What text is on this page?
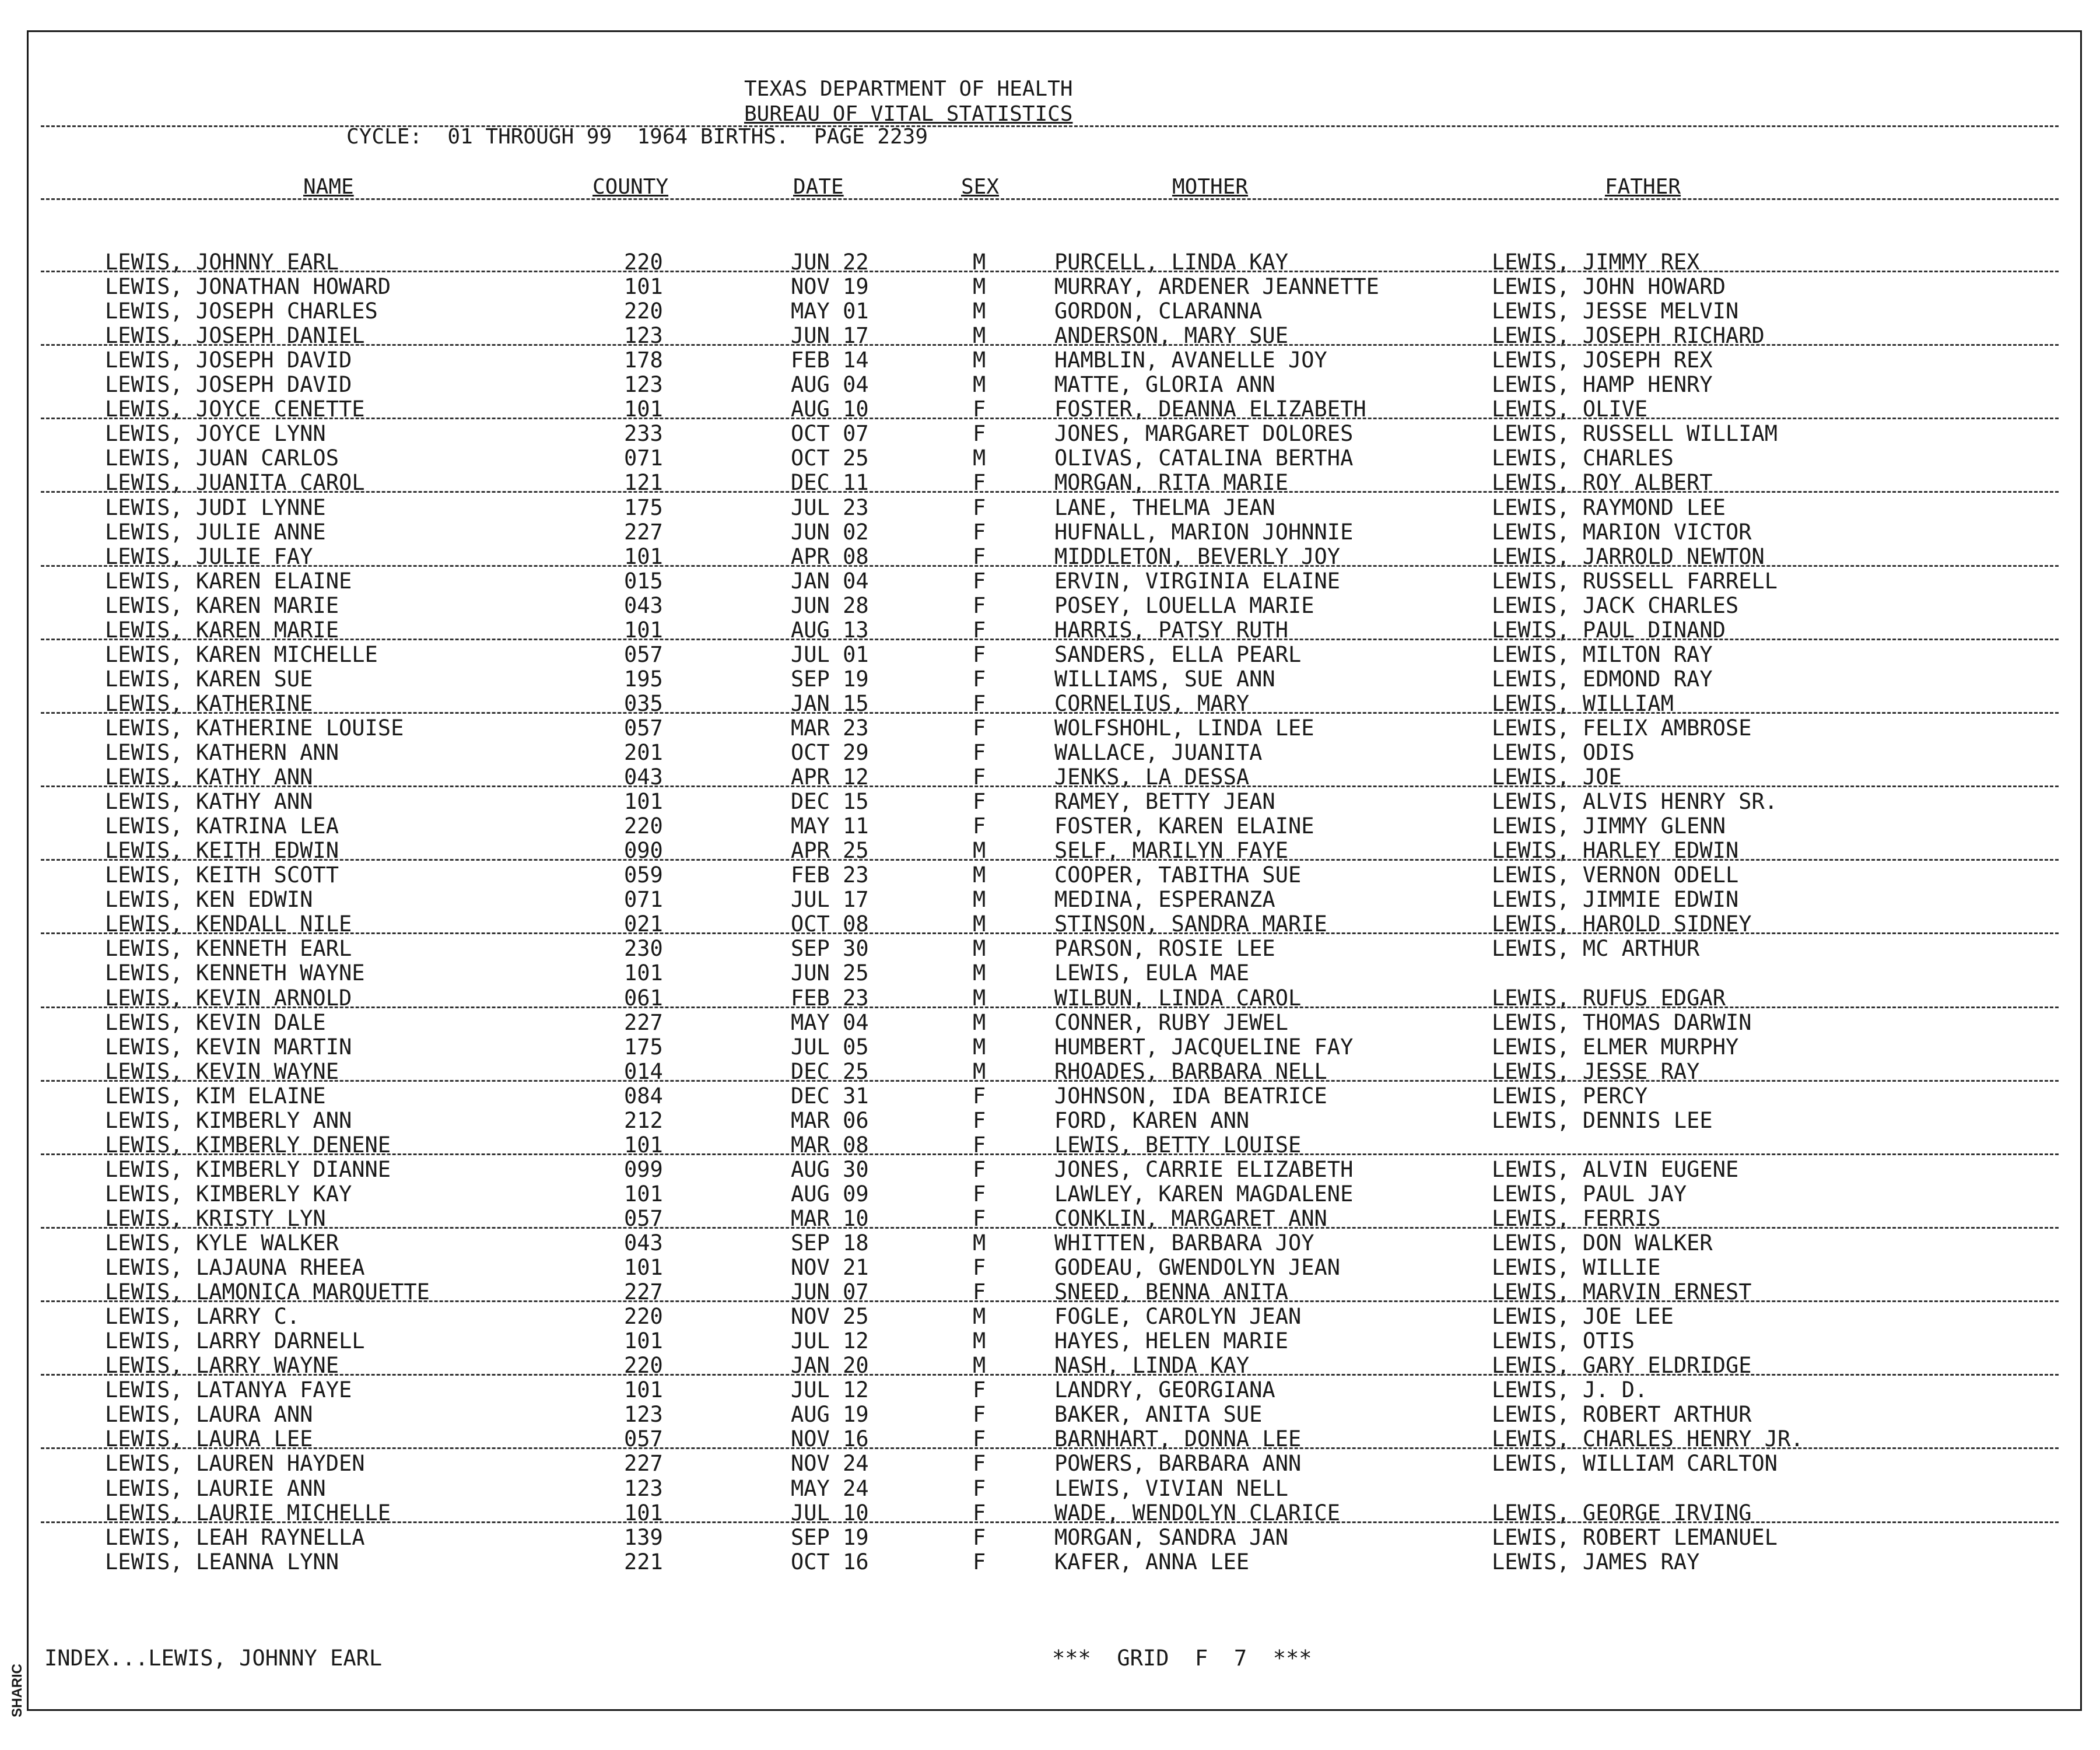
SHARIC
TEXAS DEPARTMENT OF HEALTH
BUREAU OF VITAL STATISTICS
CYCLE:  01 THROUGH 99  1964 BIRTHS.  PAGE 2239
NAME	COUNTY	DATE	SEX	MOTHER	FATHER
LEWIS, JOHNNY EARL	220	JUN 22	M	PURCELL, LINDA KAY	LEWIS, JIMMY REX
LEWIS, JONATHAN HOWARD	101	NOV 19	M	MURRAY, ARDENER JEANNETTE	LEWIS, JOHN HOWARD
LEWIS, JOSEPH CHARLES	220	MAY 01	M	GORDON, CLARANNA	LEWIS, JESSE MELVIN
LEWIS, JOSEPH DANIEL	123	JUN 17	M	ANDERSON, MARY SUE	LEWIS, JOSEPH RICHARD
LEWIS, JOSEPH DAVID	178	FEB 14	M	HAMBLIN, AVANELLE JOY	LEWIS, JOSEPH REX
LEWIS, JOSEPH DAVID	123	AUG 04	M	MATTE, GLORIA ANN	LEWIS, HAMP HENRY
LEWIS, JOYCE CENETTE	101	AUG 10	F	FOSTER, DEANNA ELIZABETH	LEWIS, OLIVE
LEWIS, JOYCE LYNN	233	OCT 07	F	JONES, MARGARET DOLORES	LEWIS, RUSSELL WILLIAM
LEWIS, JUAN CARLOS	071	OCT 25	M	OLIVAS, CATALINA BERTHA	LEWIS, CHARLES
LEWIS, JUANITA CAROL	121	DEC 11	F	MORGAN, RITA MARIE	LEWIS, ROY ALBERT
LEWIS, JUDI LYNNE	175	JUL 23	F	LANE, THELMA JEAN	LEWIS, RAYMOND LEE
LEWIS, JULIE ANNE	227	JUN 02	F	HUFNALL, MARION JOHNNIE	LEWIS, MARION VICTOR
LEWIS, JULIE FAY	101	APR 08	F	MIDDLETON, BEVERLY JOY	LEWIS, JARROLD NEWTON
LEWIS, KAREN ELAINE	015	JAN 04	F	ERVIN, VIRGINIA ELAINE	LEWIS, RUSSELL FARRELL
LEWIS, KAREN MARIE	043	JUN 28	F	POSEY, LOUELLA MARIE	LEWIS, JACK CHARLES
LEWIS, KAREN MARIE	101	AUG 13	F	HARRIS, PATSY RUTH	LEWIS, PAUL DINAND
LEWIS, KAREN MICHELLE	057	JUL 01	F	SANDERS, ELLA PEARL	LEWIS, MILTON RAY
LEWIS, KAREN SUE	195	SEP 19	F	WILLIAMS, SUE ANN	LEWIS, EDMOND RAY
LEWIS, KATHERINE	035	JAN 15	F	CORNELIUS, MARY	LEWIS, WILLIAM
LEWIS, KATHERINE LOUISE	057	MAR 23	F	WOLFSHOHL, LINDA LEE	LEWIS, FELIX AMBROSE
LEWIS, KATHERN ANN	201	OCT 29	F	WALLACE, JUANITA	LEWIS, ODIS
LEWIS, KATHY ANN	043	APR 12	F	JENKS, LA DESSA	LEWIS, JOE
LEWIS, KATHY ANN	101	DEC 15	F	RAMEY, BETTY JEAN	LEWIS, ALVIS HENRY SR.
LEWIS, KATRINA LEA	220	MAY 11	F	FOSTER, KAREN ELAINE	LEWIS, JIMMY GLENN
LEWIS, KEITH EDWIN	090	APR 25	M	SELF, MARILYN FAYE	LEWIS, HARLEY EDWIN
LEWIS, KEITH SCOTT	059	FEB 23	M	COOPER, TABITHA SUE	LEWIS, VERNON ODELL
LEWIS, KEN EDWIN	071	JUL 17	M	MEDINA, ESPERANZA	LEWIS, JIMMIE EDWIN
LEWIS, KENDALL NILE	021	OCT 08	M	STINSON, SANDRA MARIE	LEWIS, HAROLD SIDNEY
LEWIS, KENNETH EARL	230	SEP 30	M	PARSON, ROSIE LEE	LEWIS, MC ARTHUR
LEWIS, KENNETH WAYNE	101	JUN 25	M	LEWIS, EULA MAE
LEWIS, KEVIN ARNOLD	061	FEB 23	M	WILBUN, LINDA CAROL	LEWIS, RUFUS EDGAR
LEWIS, KEVIN DALE	227	MAY 04	M	CONNER, RUBY JEWEL	LEWIS, THOMAS DARWIN
LEWIS, KEVIN MARTIN	175	JUL 05	M	HUMBERT, JACQUELINE FAY	LEWIS, ELMER MURPHY
LEWIS, KEVIN WAYNE	014	DEC 25	M	RHOADES, BARBARA NELL	LEWIS, JESSE RAY
LEWIS, KIM ELAINE	084	DEC 31	F	JOHNSON, IDA BEATRICE	LEWIS, PERCY
LEWIS, KIMBERLY ANN	212	MAR 06	F	FORD, KAREN ANN	LEWIS, DENNIS LEE
LEWIS, KIMBERLY DENENE	101	MAR 08	F	LEWIS, BETTY LOUISE
LEWIS, KIMBERLY DIANNE	099	AUG 30	F	JONES, CARRIE ELIZABETH	LEWIS, ALVIN EUGENE
LEWIS, KIMBERLY KAY	101	AUG 09	F	LAWLEY, KAREN MAGDALENE	LEWIS, PAUL JAY
LEWIS, KRISTY LYN	057	MAR 10	F	CONKLIN, MARGARET ANN	LEWIS, FERRIS
LEWIS, KYLE WALKER	043	SEP 18	M	WHITTEN, BARBARA JOY	LEWIS, DON WALKER
LEWIS, LAJAUNA RHEEA	101	NOV 21	F	GODEAU, GWENDOLYN JEAN	LEWIS, WILLIE
LEWIS, LAMONICA MARQUETTE	227	JUN 07	F	SNEED, BENNA ANITA	LEWIS, MARVIN ERNEST
LEWIS, LARRY C.	220	NOV 25	M	FOGLE, CAROLYN JEAN	LEWIS, JOE LEE
LEWIS, LARRY DARNELL	101	JUL 12	M	HAYES, HELEN MARIE	LEWIS, OTIS
LEWIS, LARRY WAYNE	220	JAN 20	M	NASH, LINDA KAY	LEWIS, GARY ELDRIDGE
LEWIS, LATANYA FAYE	101	JUL 12	F	LANDRY, GEORGIANA	LEWIS, J. D.
LEWIS, LAURA ANN	123	AUG 19	F	BAKER, ANITA SUE	LEWIS, ROBERT ARTHUR
LEWIS, LAURA LEE	057	NOV 16	F	BARNHART, DONNA LEE	LEWIS, CHARLES HENRY JR.
LEWIS, LAUREN HAYDEN	227	NOV 24	F	POWERS, BARBARA ANN	LEWIS, WILLIAM CARLTON
LEWIS, LAURIE ANN	123	MAY 24	F	LEWIS, VIVIAN NELL
LEWIS, LAURIE MICHELLE	101	JUL 10	F	WADE, WENDOLYN CLARICE	LEWIS, GEORGE IRVING
LEWIS, LEAH RAYNELLA	139	SEP 19	F	MORGAN, SANDRA JAN	LEWIS, ROBERT LEMANUEL
LEWIS, LEANNA LYNN	221	OCT 16	F	KAFER, ANNA LEE	LEWIS, JAMES RAY
INDEX...LEWIS, JOHNNY EARL	***  GRID  F  7  ***
